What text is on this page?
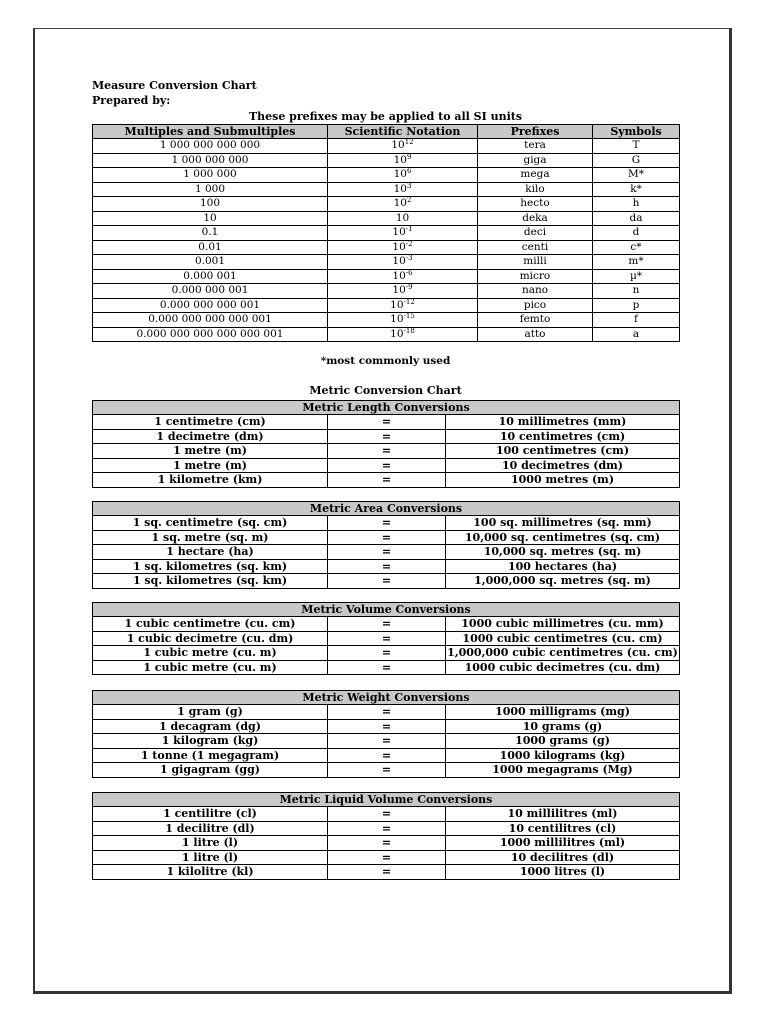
Measure Conversion Chart
Prepared by:
These prefixes may be applied to all SI units
Multiples and Submultiples	Scientific Notation	Prefixes	Symbols
1 000 000 000 000	$10^{12}$	tera	T
1 000 000 000	$10^9$	giga	G
1 000 000	$10^6$	mega	M*
1 000	$10^3$	kilo	k*
100	$10^2$	hecto	h
10	10	deka	da
0.1	$10^{-1}$	deci	d
0.01	$10^{-2}$	centi	c*
0.001	$10^{-3}$	milli	m*
0.000 001	$10^{-6}$	micro	µ*
0.000 000 001	$10^{-9}$	nano	n
0.000 000 000 001	$10^{-12}$	pico	p
0.000 000 000 000 001	$10^{-15}$	femto	f
0.000 000 000 000 000 001	$10^{-18}$	atto	a
*most commonly used
Metric Conversion Chart
Metric Length Conversions		
1 centimetre (cm)	=	10 millimetres (mm)
1 decimetre (dm)	=	10 centimetres (cm)
1 metre (m)	=	100 centimetres (cm)
1 metre (m)	=	10 decimetres (dm)
1 kilometre (km)	=	1000 metres (m)
Metric Area Conversions		
1 sq. centimetre (sq. cm)	=	100 sq. millimetres (sq. mm)
1 sq. metre (sq. m)	=	10,000 sq. centimetres (sq. cm)
1 hectare (ha)	=	10,000 sq. metres (sq. m)
1 sq. kilometres (sq. km)	=	100 hectares (ha)
1 sq. kilometres (sq. km)	=	1,000,000 sq. metres (sq. m)
Metric Volume Conversions		
1 cubic centimetre (cu. cm)	=	1000 cubic millimetres (cu. mm)
1 cubic decimetre (cu. dm)	=	1000 cubic centimetres (cu. cm)
1 cubic metre (cu. m)	=	1,000,000 cubic centimetres (cu. cm)
1 cubic metre (cu. m)	=	1000 cubic decimetres (cu. dm)
Metric Weight Conversions		
1 gram (g)	=	1000 milligrams (mg)
1 decagram (dg)	=	10 grams (g)
1 kilogram (kg)	=	1000 grams (g)
1 tonne (1 megagram)	=	1000 kilograms (kg)
1 gigagram (gg)	=	1000 megagrams (Mg)
Metric Liquid Volume Conversions		
1 centilitre (cl)	=	10 millilitres (ml)
1 decilitre (dl)	=	10 centilitres (cl)
1 litre (l)	=	1000 millilitres (ml)
1 litre (l)	=	10 decilitres (dl)
1 kilolitre (kl)	=	1000 litres (l)
